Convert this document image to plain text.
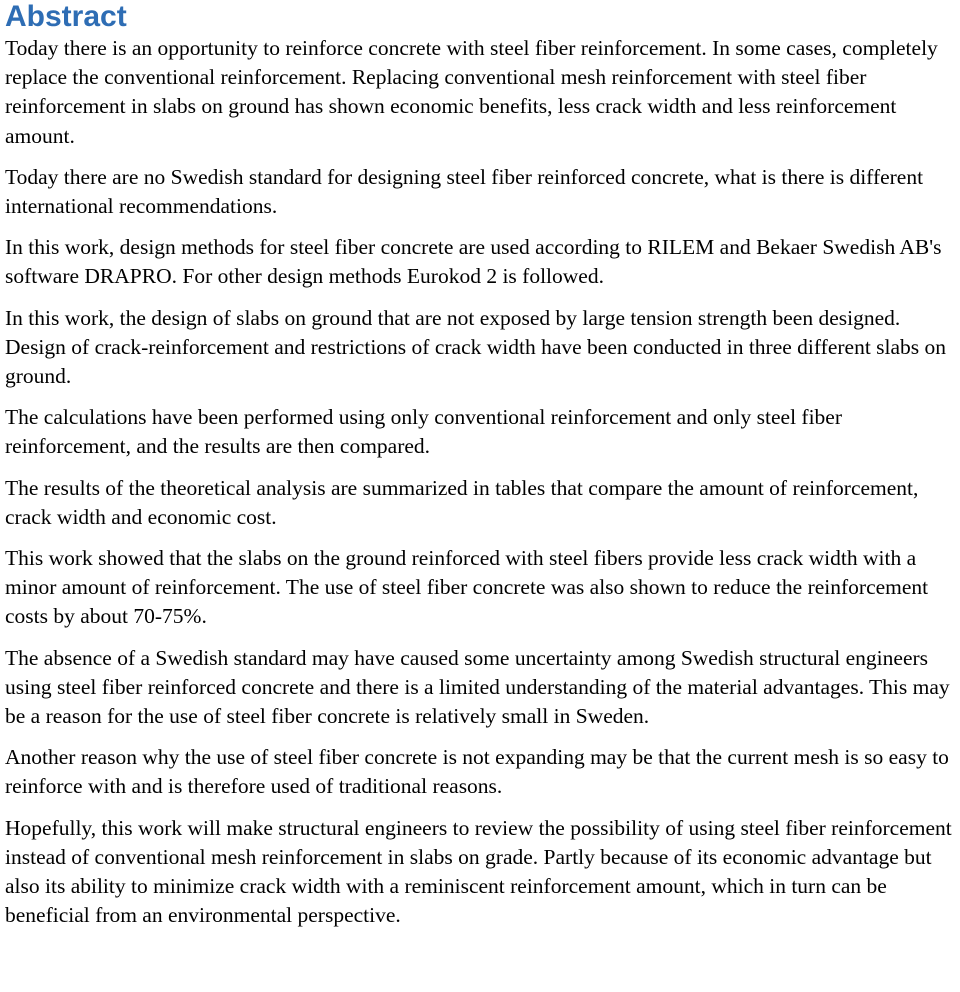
Abstract

Today there is an opportunity to reinforce concrete with steel fiber reinforcement. In some cases, completely replace the conventional reinforcement. Replacing conventional mesh reinforcement with steel fiber reinforcement in slabs on ground has shown economic benefits, less crack width and less reinforcement amount.

Today there are no Swedish standard for designing steel fiber reinforced concrete, what is there is different international recommendations.

In this work, design methods for steel fiber concrete are used according to RILEM and Bekaer Swedish AB's software DRAPRO. For other design methods Eurokod 2 is followed.

In this work, the design of slabs on ground that are not exposed by large tension strength been designed. Design of crack-reinforcement and restrictions of crack width have been conducted in three different slabs on ground.

The calculations have been performed using only conventional reinforcement and only steel fiber reinforcement, and the results are then compared.

The results of the theoretical analysis are summarized in tables that compare the amount of reinforcement, crack width and economic cost.

This work showed that the slabs on the ground reinforced with steel fibers provide less crack width with a minor amount of reinforcement. The use of steel fiber concrete was also shown to reduce the reinforcement costs by about 70-75%.

The absence of a Swedish standard may have caused some uncertainty among Swedish structural engineers using steel fiber reinforced concrete and there is a limited understanding of the material advantages. This may be a reason for the use of steel fiber concrete is relatively small in Sweden.

Another reason why the use of steel fiber concrete is not expanding may be that the current mesh is so easy to reinforce with and is therefore used of traditional reasons.

Hopefully, this work will make structural engineers to review the possibility of using steel fiber reinforcement instead of conventional mesh reinforcement in slabs on grade. Partly because of its economic advantage but also its ability to minimize crack width with a reminiscent reinforcement amount, which in turn can be beneficial from an environmental perspective.
